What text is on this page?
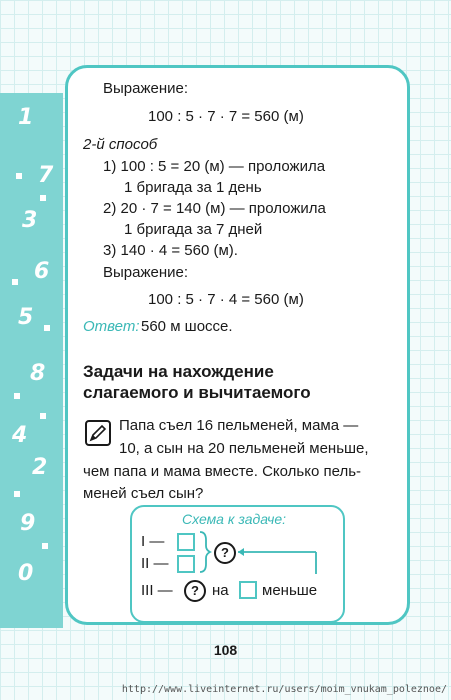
1
7
3
6
5
8
4
2
9
0
Выражение:
100 : 5 · 7 · 7 = 560 (м)
2-й способ
1) 100 : 5 = 20 (м) — проложила
1 бригада за 1 день
2) 20 · 7 = 140 (м) — проложила
1 бригада за 7 дней
3) 140 · 4 = 560 (м).
Выражение:
100 : 5 · 7 · 4 = 560 (м)
Ответ: 560 м шоссе.
Задачи на нахождение
слагаемого и вычитаемого
Папа съел 16 пельменей, мама —
10, а сын на 20 пельменей меньше,
чем папа и мама вместе. Сколько пель-
меней съел сын?
Схема к задаче:
I —
II —
?
III —	? на меньше
108
http://www.liveinternet.ru/users/moim_vnukam_poleznoe/
